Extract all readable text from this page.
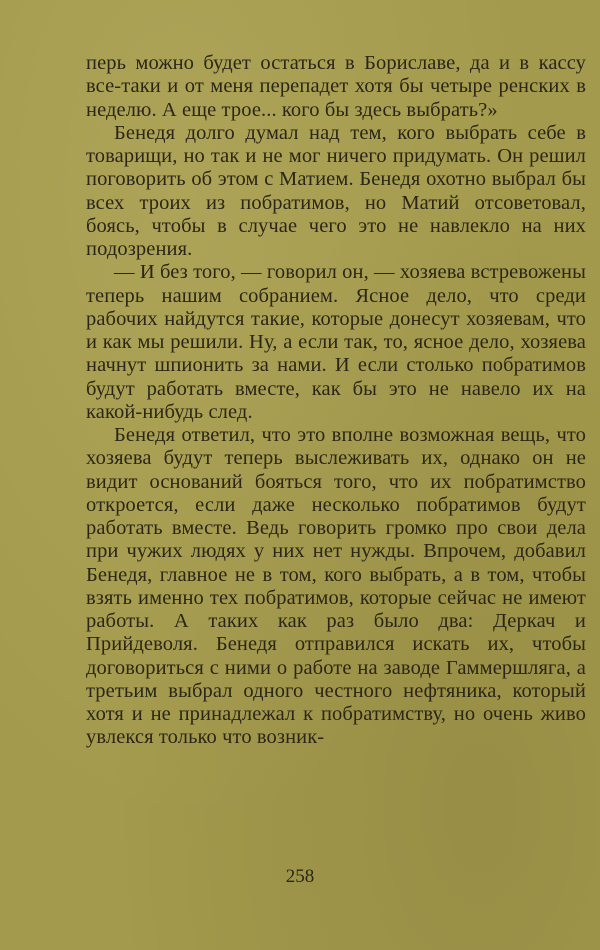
перь можно будет остаться в Бориславе, да и в кассу все-таки и от меня перепадет хотя бы четыре ренских в неделю. А еще трое... кого бы здесь выбрать?»

Бенедя долго думал над тем, кого выбрать себе в товарищи, но так и не мог ничего придумать. Он решил поговорить об этом с Матием. Бенедя охотно выбрал бы всех троих из побратимов, но Матий отсоветовал, боясь, чтобы в случае чего это не навлекло на них подозрения.

— И без того, — говорил он, — хозяева встревожены теперь нашим собранием. Ясное дело, что среди рабочих найдутся такие, которые донесут хозяевам, что и как мы решили. Ну, а если так, то, ясное дело, хозяева начнут шпионить за нами. И если столько побратимов будут работать вместе, как бы это не навело их на какой-нибудь след.

Бенедя ответил, что это вполне возможная вещь, что хозяева будут теперь выслеживать их, однако он не видит оснований бояться того, что их побратимство откроется, если даже несколько побратимов будут работать вместе. Ведь говорить громко про свои дела при чужих людях у них нет нужды. Впрочем, добавил Бенедя, главное не в том, кого выбрать, а в том, чтобы взять именно тех побратимов, которые сейчас не имеют работы. А таких как раз было два: Деркач и Прийдеволя. Бенедя отправился искать их, чтобы договориться с ними о работе на заводе Гаммершляга, а третьим выбрал одного честного нефтяника, который хотя и не принадлежал к побратимству, но очень живо увлекся только что возник-

258
